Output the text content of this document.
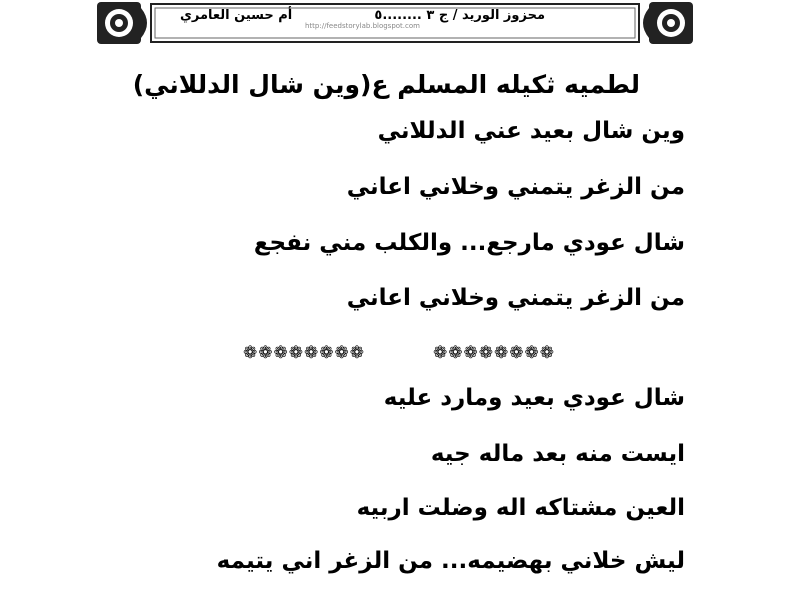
محزوز الوريد / ج ٣ ........٥
أم حسين العامري
http://feedstorylab.blogspot.com
لطميه ثكيله المسلم ع(وين شال الدللاني)
وين شال بعيد عني الدللاني
من الزغر يتمني وخلاني اعاني
شال عودي مارجع... والكلب مني نفجع
من الزغر يتمني وخلاني اعاني
❁❁❁❁❁❁❁❁	❁❁❁❁❁❁❁❁
شال عودي بعيد ومارد عليه
ايست منه بعد ماله جيه
العين مشتاكه اله وضلت اربيه
ليش خلاني بهضيمه... من الزغر اني يتيمه
